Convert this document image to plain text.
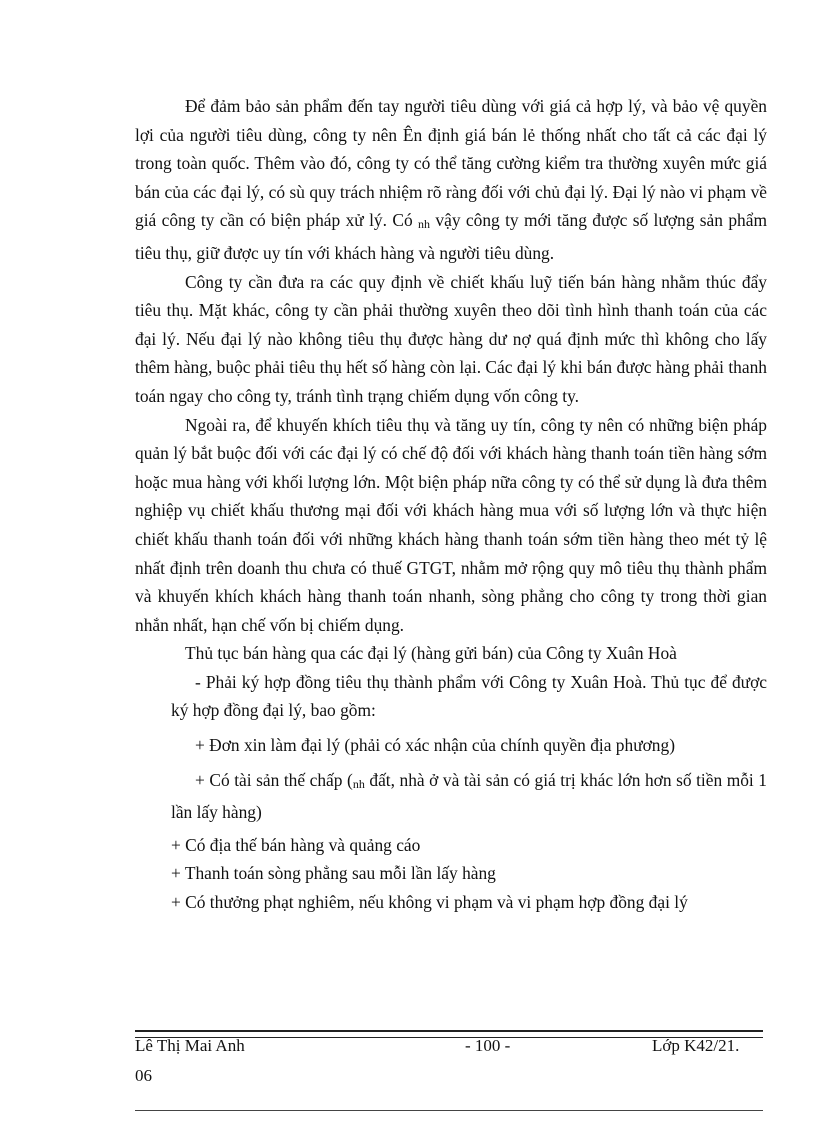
Để đảm bảo sản phẩm đến tay người tiêu dùng với giá cả hợp lý, và bảo vệ quyền lợi của người tiêu dùng, công ty nên Ên định giá bán lẻ thống nhất cho tất cả các đại lý trong toàn quốc. Thêm vào đó, công ty có thể tăng cường kiểm tra thường xuyên mức giá bán của các đại lý, có sù quy trách nhiệm rõ ràng đối với chủ đại lý. Đại lý nào vi phạm về giá công ty cần có biện pháp xử lý. Có nh vậy công ty mới tăng được số lượng sản phẩm tiêu thụ, giữ được uy tín với khách hàng và người tiêu dùng.

Công ty cần đưa ra các quy định về chiết khấu luỹ tiến bán hàng nhằm thúc đẩy tiêu thụ. Mặt khác, công ty cần phải thường xuyên theo dõi tình hình thanh toán của các đại lý. Nếu đại lý nào không tiêu thụ được hàng dư nợ quá định mức thì không cho lấy thêm hàng, buộc phải tiêu thụ hết số hàng còn lại. Các đại lý khi bán được hàng phải thanh toán ngay cho công ty, tránh tình trạng chiếm dụng vốn công ty.

Ngoài ra, để khuyến khích tiêu thụ và tăng uy tín, công ty nên có những biện pháp quản lý bắt buộc đối với các đại lý có chế độ đối với khách hàng thanh toán tiền hàng sớm hoặc mua hàng với khối lượng lớn. Một biện pháp nữa công ty có thể sử dụng là đưa thêm nghiệp vụ chiết khấu thương mại đối với khách hàng mua với số lượng lớn và thực hiện chiết khấu thanh toán đối với những khách hàng thanh toán sớm tiền hàng theo mét tỷ lệ nhất định trên doanh thu chưa có thuế GTGT, nhằm mở rộng quy mô tiêu thụ thành phẩm và khuyến khích khách hàng thanh toán nhanh, sòng phẳng cho công ty trong thời gian nhắn nhất, hạn chế vốn bị chiếm dụng.

Thủ tục bán hàng qua các đại lý (hàng gửi bán) của Công ty Xuân Hoà

- Phải ký hợp đồng tiêu thụ thành phẩm với Công ty Xuân Hoà. Thủ tục để được ký hợp đồng đại lý, bao gồm:

+ Đơn xin làm đại lý (phải có xác nhận của chính quyền địa phương)

+ Có tài sản thế chấp (nh đất, nhà ở và tài sản có giá trị khác lớn hơn số tiền mỗi 1 lần lấy hàng)

+ Có địa thế bán hàng và quảng cáo

+ Thanh toán sòng phẳng sau mỗi lần lấy hàng

+ Có thưởng phạt nghiêm, nếu không vi phạm và vi phạm hợp đồng đại lý

Lê Thị Mai Anh	- 100 -	Lớp K42/21.
06
